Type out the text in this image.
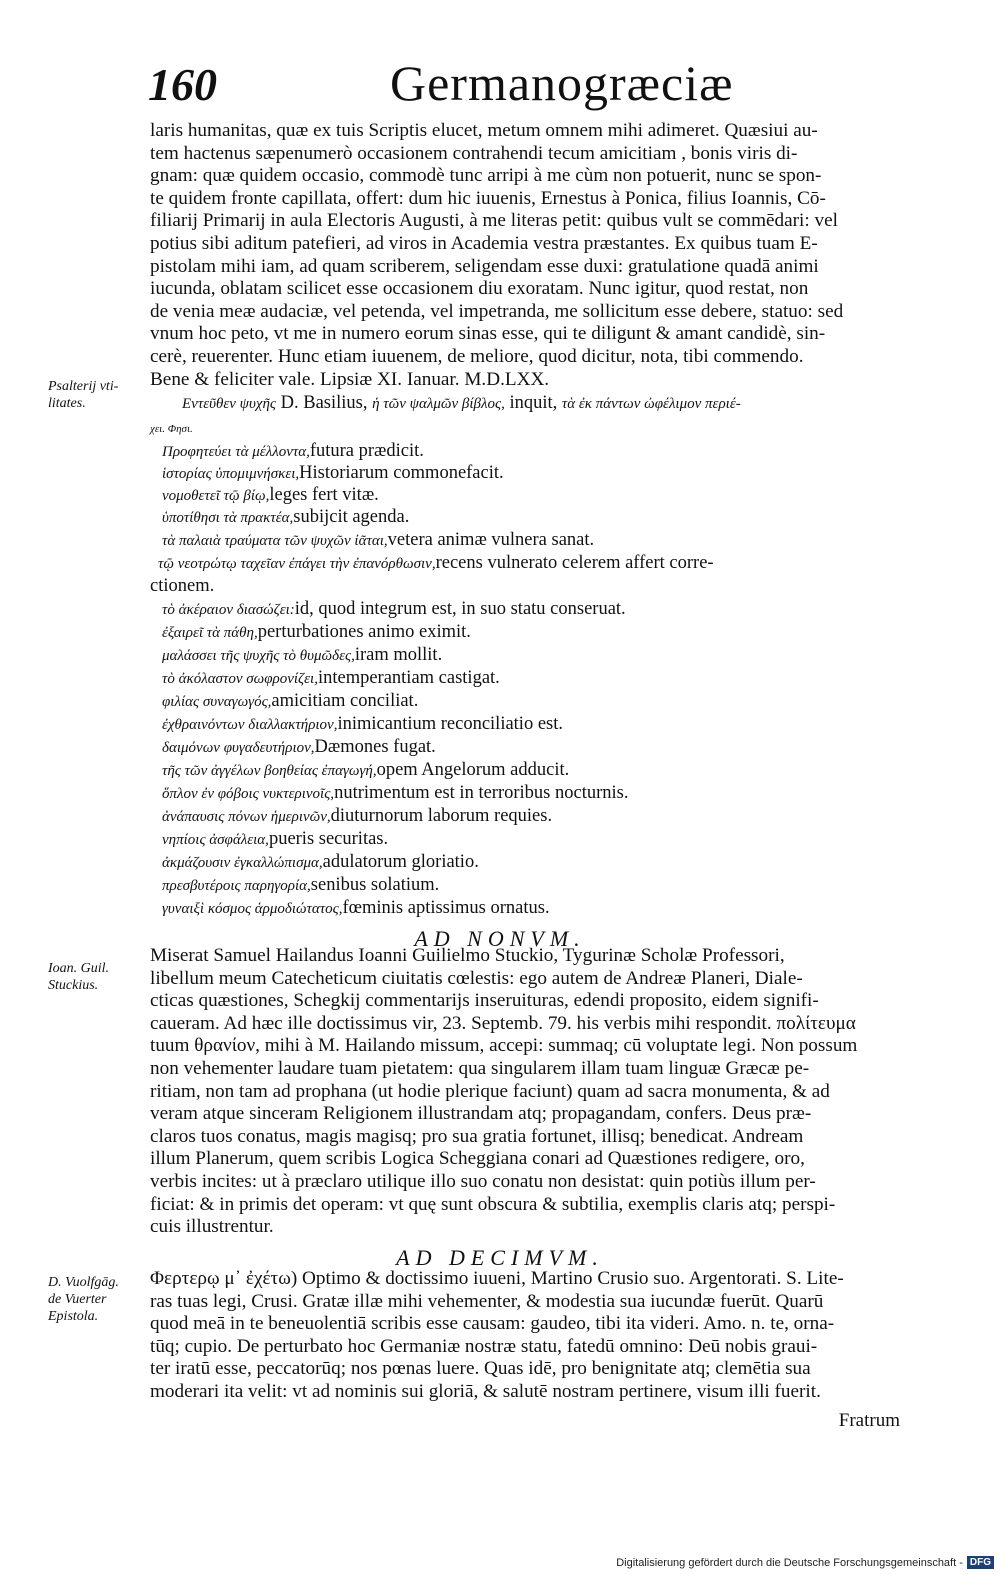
160	Germanogræciæ
laris humanitas, quæ ex tuis Scriptis elucet, metum omnem mihi adimeret. Quæsiui au-
tem hactenus sæpenumerò occasionem contrahendi tecum amicitiam , bonis viris di-
gnam: quæ quidem occasio, commodè tunc arripi à me cùm non potuerit, nunc se spon-
te quidem fronte capillata, offert: dum hic iuuenis, Ernestus à Ponica, filius Ioannis, Cō-
filiarij Primarij in aula Electoris Augusti, à me literas petit: quibus vult se commēdari: vel
potius sibi aditum patefieri, ad viros in Academia vestra præstantes. Ex quibus tuam E-
pistolam mihi iam, ad quam scriberem, seligendam esse duxi: gratulatione quadā animi
iucunda, oblatam scilicet esse occasionem diu exoratam. Nunc igitur, quod restat, non
de venia meæ audaciæ, vel petenda, vel impetranda, me sollicitum esse debere, statuo: sed
vnum hoc peto, vt me in numero eorum sinas esse, qui te diligunt & amant candidè, sin-
cerè, reuerenter. Hunc etiam iuuenem, de meliore, quod dicitur, nota, tibi commendo.
Bene & feliciter vale. Lipsiæ XI. Ianuar. M.D.LXX.
Psalterij vti-
litates.	Εντεῦθεν ψυχῆς D. Basilius, ἡ τῶν ψαλμῶν βίβλος, inquit, τὰ ἐκ πάντων ὠφέλιμον περιέ-
χει. Φησι.
Προφητεύει τὰ μέλλοντα,futura prædicit.
ἱστορίας ὑπομιμνήσκει,Historiarum commonefacit.
νομοθετεῖ τῷ βίῳ,leges fert vitæ.
ὑποτίθησι τὰ πρακτέα,subijcit agenda.
τὰ παλαιὰ τραύματα τῶν ψυχῶν ἰᾶται,vetera animæ vulnera sanat.
τῷ νεοτρώτῳ ταχεῖαν ἐπάγει τὴν ἐπανόρθωσιν,recens vulnerato celerem affert corre-
ctionem.
τὸ ἀκέραιον διασώζει:id, quod integrum est, in suo statu conseruat.
ἐξαιρεῖ τὰ πάθη,perturbationes animo eximit.
μαλάσσει τῆς ψυχῆς τὸ θυμῶδες,iram mollit.
τὸ ἀκόλαστον σωφρονίζει,intemperantiam castigat.
φιλίας συναγωγός,amicitiam conciliat.
ἐχθραινόντων διαλλακτήριον,inimicantium reconciliatio est.
δαιμόνων φυγαδευτήριον,Dæmones fugat.
τῆς τῶν ἀγγέλων βοηθείας ἐπαγωγή,opem Angelorum adducit.
ὅπλον ἐν φόβοις νυκτερινοῖς,nutrimentum est in terroribus nocturnis.
ἀνάπαυσις πόνων ἡμερινῶν,diuturnorum laborum requies.
νηπίοις ἀσφάλεια,pueris securitas.
ἀκμάζουσιν ἐγκαλλώπισμα,adulatorum gloriatio.
πρεσβυτέροις παρηγορία,senibus solatium.
γυναιξὶ κόσμος ἁρμοδιώτατος,fœminis aptissimus ornatus.
AD NONVM.
Ioan. Guil.
Stuckius.
Miserat Samuel Hailandus Ioanni Guilielmo Stuckio, Tygurinæ Scholæ Professori,
libellum meum Catecheticum ciuitatis cœlestis: ego autem de Andreæ Planeri, Diale-
cticas quæstiones, Schegkij commentarijs inseruituras, edendi proposito, eidem signifi-
caueram. Ad hæc ille doctissimus vir, 23. Septemb. 79. his verbis mihi respondit. πολίτευμα
tuum θρανίον, mihi à M. Hailando missum, accepi: summaq; cū voluptate legi. Non possum
non vehementer laudare tuam pietatem: qua singularem illam tuam linguæ Græcæ pe-
ritiam, non tam ad prophana (ut hodie plerique faciunt) quam ad sacra monumenta, & ad
veram atque sinceram Religionem illustrandam atq; propagandam, confers. Deus præ-
claros tuos conatus, magis magisq; pro sua gratia fortunet, illisq; benedicat. Andream
illum Planerum, quem scribis Logica Scheggiana conari ad Quæstiones redigere, oro,
verbis incites: ut à præclaro utilique illo suo conatu non desistat: quin potiùs illum per-
ficiat: & in primis det operam: vt quę sunt obscura & subtilia, exemplis claris atq; perspi-
cuis illustrentur.
AD DECIMVM.
D. Vuolfgāg.
de Vuerter
Epistola.
Φερτερῳ μ᾽ ἐχέτω) Optimo & doctissimo iuueni, Martino Crusio suo. Argentorati. S. Lite-
ras tuas legi, Crusi. Gratæ illæ mihi vehementer, & modestia sua iucundæ fuerūt. Quarū
quod meā in te beneuolentiā scribis esse causam: gaudeo, tibi ita videri. Amo. n. te, orna-
tūq; cupio. De perturbato hoc Germaniæ nostræ statu, fatedū omnino: Deū nobis graui-
ter iratū esse, peccatorūq; nos pœnas luere. Quas idē, pro benignitate atq; clemētia sua
moderari ita velit: vt ad nominis sui gloriā, & salutē nostram pertinere, visum illi fuerit.
Fratrum
Digitalisierung gefördert durch die Deutsche Forschungsgemeinschaft - DFG
